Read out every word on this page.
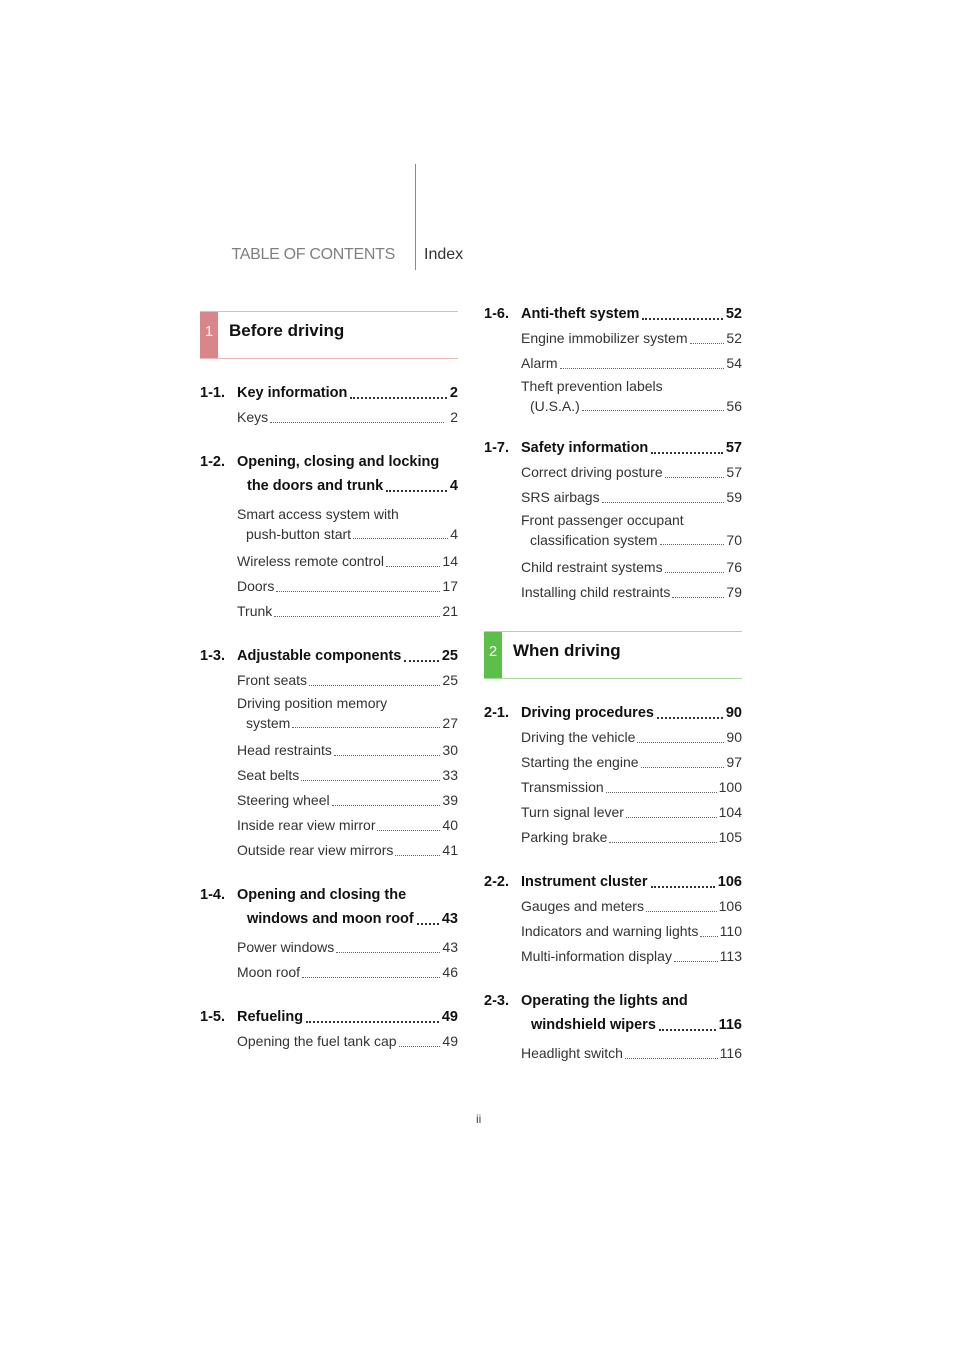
TABLE OF CONTENTS Index
1 Before driving
1-1. Key information	2
Keys	2
1-2. Opening, closing and locking
the doors and trunk	4
Smart access system with
push-button start	4
Wireless remote control	14
Doors	17
Trunk	21
1-3. Adjustable components	25
Front seats	25
Driving position memory
system	27
Head restraints	30
Seat belts	33
Steering wheel	39
Inside rear view mirror	40
Outside rear view mirrors	41
1-4. Opening and closing the
windows and moon roof 43
Power windows	43
Moon roof	46
1-5. Refueling	49
Opening the fuel tank cap	49
1-6. Anti-theft system	52
Engine immobilizer system	52
Alarm	54
Theft prevention labels
(U.S.A.)	56
1-7. Safety information	57
Correct driving posture	57
SRS airbags	59
Front passenger occupant
classification system	70
Child restraint systems	76
Installing child restraints	79
2 When driving
2-1. Driving procedures	90
Driving the vehicle	90
Starting the engine	97
Transmission	100
Turn signal lever	104
Parking brake	105
2-2. Instrument cluster	106
Gauges and meters	106
Indicators and warning lights 110
Multi-information display	113
2-3. Operating the lights and
windshield wipers	116
Headlight switch	116
ii
